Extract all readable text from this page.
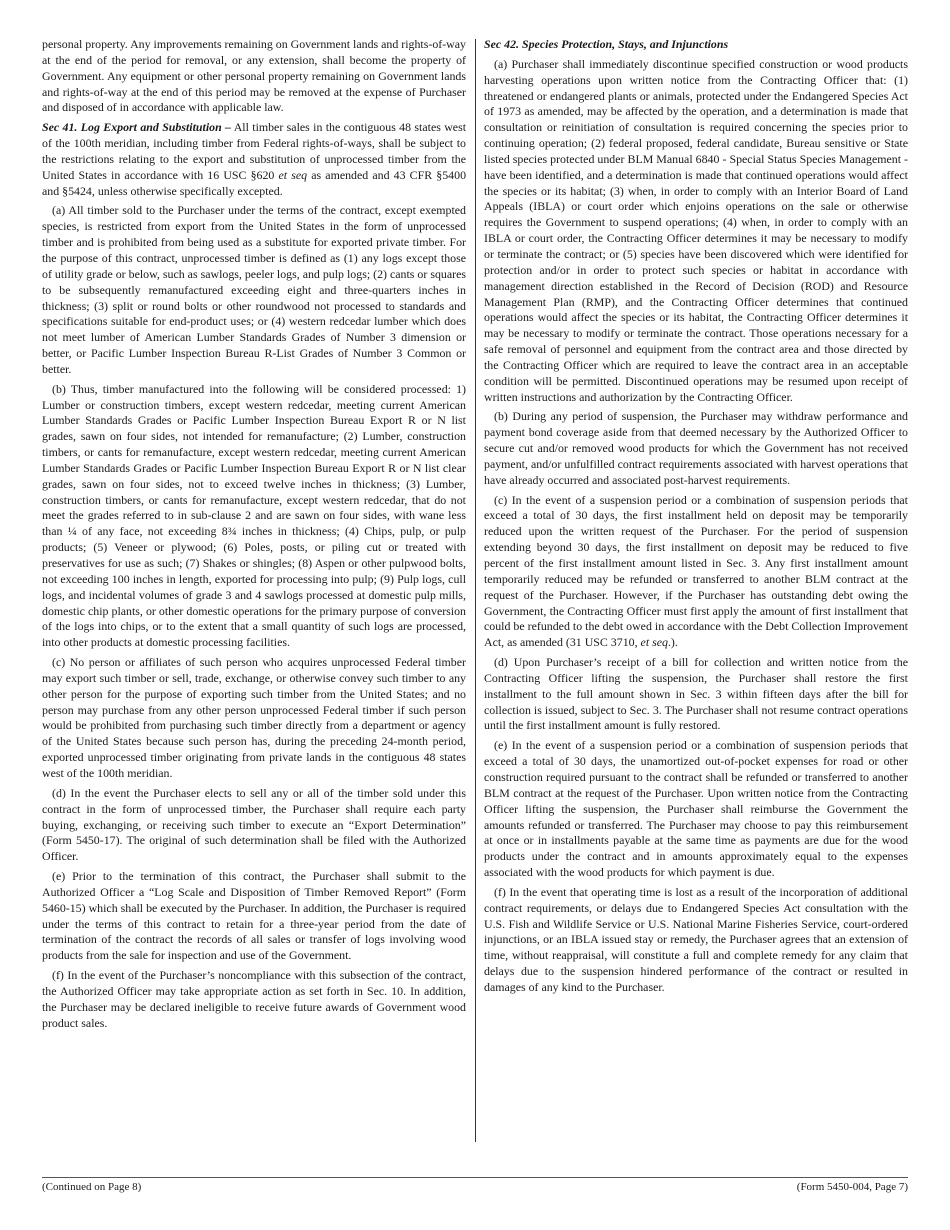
personal property. Any improvements remaining on Government lands and rights-of-way at the end of the period for removal, or any extension, shall become the property of Government. Any equipment or other personal property remaining on Government lands and rights-of-way at the end of this period may be removed at the expense of Purchaser and disposed of in accordance with applicable law.

Sec 41. Log Export and Substitution – All timber sales in the contiguous 48 states west of the 100th meridian, including timber from Federal rights-of-ways, shall be subject to the restrictions relating to the export and substitution of unprocessed timber from the United States in accordance with 16 USC §620 et seq as amended and 43 CFR §5400 and §5424, unless otherwise specifically excepted.

(a) All timber sold to the Purchaser under the terms of the contract, except exempted species, is restricted from export from the United States in the form of unprocessed timber and is prohibited from being used as a substitute for exported private timber. For the purpose of this contract, unprocessed timber is defined as (1) any logs except those of utility grade or below, such as sawlogs, peeler logs, and pulp logs; (2) cants or squares to be subsequently remanufactured exceeding eight and three-quarters inches in thickness; (3) split or round bolts or other roundwood not processed to standards and specifications suitable for end-product uses; or (4) western redcedar lumber which does not meet lumber of American Lumber Standards Grades of Number 3 dimension or better, or Pacific Lumber Inspection Bureau R-List Grades of Number 3 Common or better.

(b) Thus, timber manufactured into the following will be considered processed: 1) Lumber or construction timbers, except western redcedar, meeting current American Lumber Standards Grades or Pacific Lumber Inspection Bureau Export R or N list grades, sawn on four sides, not intended for remanufacture; (2) Lumber, construction timbers, or cants for remanufacture, except western redcedar, meeting current American Lumber Standards Grades or Pacific Lumber Inspection Bureau Export R or N list clear grades, sawn on four sides, not to exceed twelve inches in thickness; (3) Lumber, construction timbers, or cants for remanufacture, except western redcedar, that do not meet the grades referred to in sub-clause 2 and are sawn on four sides, with wane less than ¼ of any face, not exceeding 8¾ inches in thickness; (4) Chips, pulp, or pulp products; (5) Veneer or plywood; (6) Poles, posts, or piling cut or treated with preservatives for use as such; (7) Shakes or shingles; (8) Aspen or other pulpwood bolts, not exceeding 100 inches in length, exported for processing into pulp; (9) Pulp logs, cull logs, and incidental volumes of grade 3 and 4 sawlogs processed at domestic pulp mills, domestic chip plants, or other domestic operations for the primary purpose of conversion of the logs into chips, or to the extent that a small quantity of such logs are processed, into other products at domestic processing facilities.

(c) No person or affiliates of such person who acquires unprocessed Federal timber may export such timber or sell, trade, exchange, or otherwise convey such timber to any other person for the purpose of exporting such timber from the United States; and no person may purchase from any other person unprocessed Federal timber if such person would be prohibited from purchasing such timber directly from a department or agency of the United States because such person has, during the preceding 24-month period, exported unprocessed timber originating from private lands in the contiguous 48 states west of the 100th meridian.

(d) In the event the Purchaser elects to sell any or all of the timber sold under this contract in the form of unprocessed timber, the Purchaser shall require each party buying, exchanging, or receiving such timber to execute an “Export Determination” (Form 5450-17). The original of such determination shall be filed with the Authorized Officer.

(e) Prior to the termination of this contract, the Purchaser shall submit to the Authorized Officer a “Log Scale and Disposition of Timber Removed Report” (Form 5460-15) which shall be executed by the Purchaser. In addition, the Purchaser is required under the terms of this contract to retain for a three-year period from the date of termination of the contract the records of all sales or transfer of logs involving wood products from the sale for inspection and use of the Government.

(f) In the event of the Purchaser’s noncompliance with this subsection of the contract, the Authorized Officer may take appropriate action as set forth in Sec. 10. In addition, the Purchaser may be declared ineligible to receive future awards of Government wood product sales.

Sec 42. Species Protection, Stays, and Injunctions

(a) Purchaser shall immediately discontinue specified construction or wood products harvesting operations upon written notice from the Contracting Officer that: (1) threatened or endangered plants or animals, protected under the Endangered Species Act of 1973 as amended, may be affected by the operation, and a determination is made that consultation or reinitiation of consultation is required concerning the species prior to continuing operation; (2) federal proposed, federal candidate, Bureau sensitive or State listed species protected under BLM Manual 6840 - Special Status Species Management - have been identified, and a determination is made that continued operations would affect the species or its habitat; (3) when, in order to comply with an Interior Board of Land Appeals (IBLA) or court order which enjoins operations on the sale or otherwise requires the Government to suspend operations; (4) when, in order to comply with an IBLA or court order, the Contracting Officer determines it may be necessary to modify or terminate the contract; or (5) species have been discovered which were identified for protection and/or in order to protect such species or habitat in accordance with management direction established in the Record of Decision (ROD) and Resource Management Plan (RMP), and the Contracting Officer determines that continued operations would affect the species or its habitat, the Contracting Officer determines it may be necessary to modify or terminate the contract. Those operations necessary for a safe removal of personnel and equipment from the contract area and those directed by the Contracting Officer which are required to leave the contract area in an acceptable condition will be permitted. Discontinued operations may be resumed upon receipt of written instructions and authorization by the Contracting Officer.

(b) During any period of suspension, the Purchaser may withdraw performance and payment bond coverage aside from that deemed necessary by the Authorized Officer to secure cut and/or removed wood products for which the Government has not received payment, and/or unfulfilled contract requirements associated with harvest operations that have already occurred and associated post-harvest requirements.

(c) In the event of a suspension period or a combination of suspension periods that exceed a total of 30 days, the first installment held on deposit may be temporarily reduced upon the written request of the Purchaser. For the period of suspension extending beyond 30 days, the first installment on deposit may be reduced to five percent of the first installment amount listed in Sec. 3. Any first installment amount temporarily reduced may be refunded or transferred to another BLM contract at the request of the Purchaser. However, if the Purchaser has outstanding debt owing the Government, the Contracting Officer must first apply the amount of first installment that could be refunded to the debt owed in accordance with the Debt Collection Improvement Act, as amended (31 USC 3710, et seq.).

(d) Upon Purchaser’s receipt of a bill for collection and written notice from the Contracting Officer lifting the suspension, the Purchaser shall restore the first installment to the full amount shown in Sec. 3 within fifteen days after the bill for collection is issued, subject to Sec. 3. The Purchaser shall not resume contract operations until the first installment amount is fully restored.

(e) In the event of a suspension period or a combination of suspension periods that exceed a total of 30 days, the unamortized out-of-pocket expenses for road or other construction required pursuant to the contract shall be refunded or transferred to another BLM contract at the request of the Purchaser. Upon written notice from the Contracting Officer lifting the suspension, the Purchaser shall reimburse the Government the amounts refunded or transferred. The Purchaser may choose to pay this reimbursement at once or in installments payable at the same time as payments are due for the wood products under the contract and in amounts approximately equal to the expenses associated with the wood products for which payment is due.

(f) In the event that operating time is lost as a result of the incorporation of additional contract requirements, or delays due to Endangered Species Act consultation with the U.S. Fish and Wildlife Service or U.S. National Marine Fisheries Service, court-ordered injunctions, or an IBLA issued stay or remedy, the Purchaser agrees that an extension of time, without reappraisal, will constitute a full and complete remedy for any claim that delays due to the suspension hindered performance of the contract or resulted in damages of any kind to the Purchaser.

(Continued on Page 8)	(Form 5450-004, Page 7)
